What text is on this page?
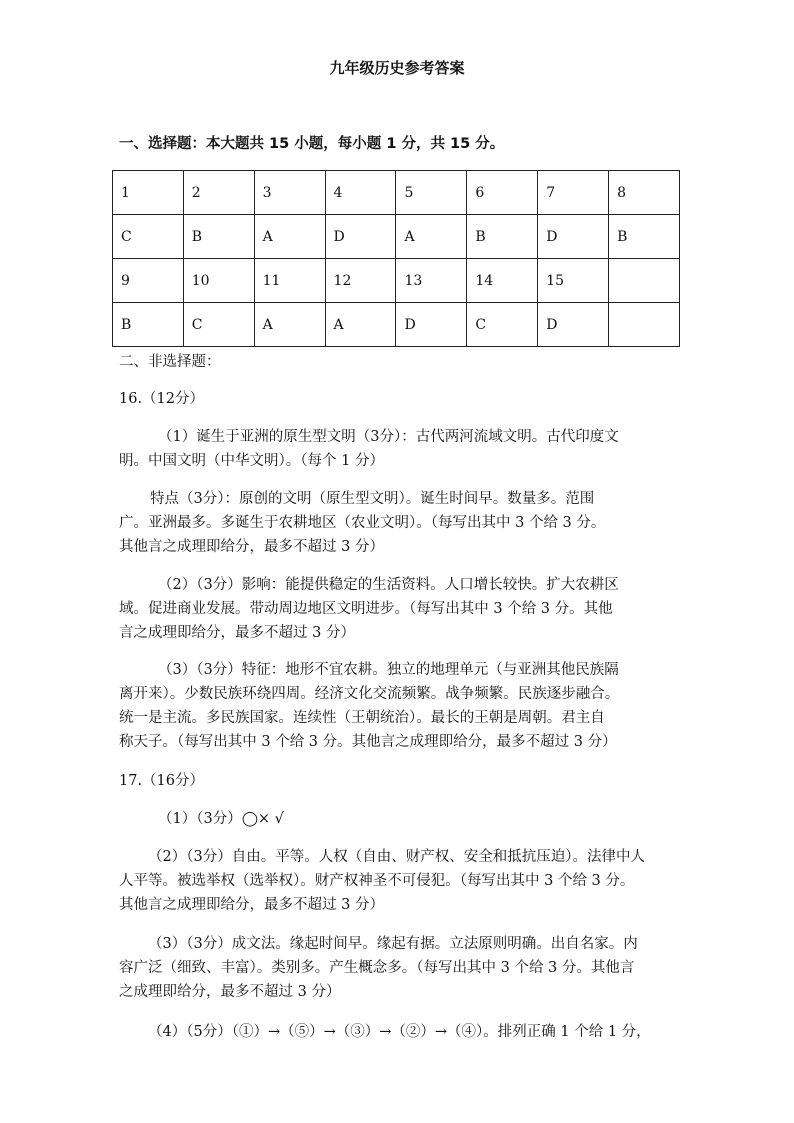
九年级历史参考答案
一、选择题：本大题共 15 小题，每小题 1 分，共 15 分。
1	2	3	4	5	6	7	8
C	B	A	D	A	B	D	B
9	10	11	12	13	14	15	
B	C	A	A	D	C	D	
二、非选择题：
16.（12分）
（1）诞生于亚洲的原生型文明（3分）：古代两河流域文明。古代印度文
明。中国文明（中华文明）。（每个 1 分）
特点（3分）：原创的文明（原生型文明）。诞生时间早。数量多。范围
广。亚洲最多。多诞生于农耕地区（农业文明）。（每写出其中 3 个给 3 分。
其他言之成理即给分，最多不超过 3 分）
（2）（3分）影响：能提供稳定的生活资料。人口增长较快。扩大农耕区
域。促进商业发展。带动周边地区文明进步。（每写出其中 3 个给 3 分。其他
言之成理即给分，最多不超过 3 分）
（3）（3分）特征：地形不宜农耕。独立的地理单元（与亚洲其他民族隔
离开来）。少数民族环绕四周。经济文化交流频繁。战争频繁。民族逐步融合。
统一是主流。多民族国家。连续性（王朝统治）。最长的王朝是周朝。君主自
称天子。（每写出其中 3 个给 3 分。其他言之成理即给分，最多不超过 3 分）
17.（16分）
（1）（3分）◯× √
（2）（3分）自由。平等。人权（自由、财产权、安全和抵抗压迫）。法律中人
人平等。被选举权（选举权）。财产权神圣不可侵犯。（每写出其中 3 个给 3 分。
其他言之成理即给分，最多不超过 3 分）
（3）（3分）成文法。缘起时间早。缘起有据。立法原则明确。出自名家。内
容广泛（细致、丰富）。类别多。产生概念多。（每写出其中 3 个给 3 分。其他言
之成理即给分，最多不超过 3 分）
（4）（5分）（①）→（⑤）→（③）→（②）→（④）。排列正确 1 个给 1 分，
